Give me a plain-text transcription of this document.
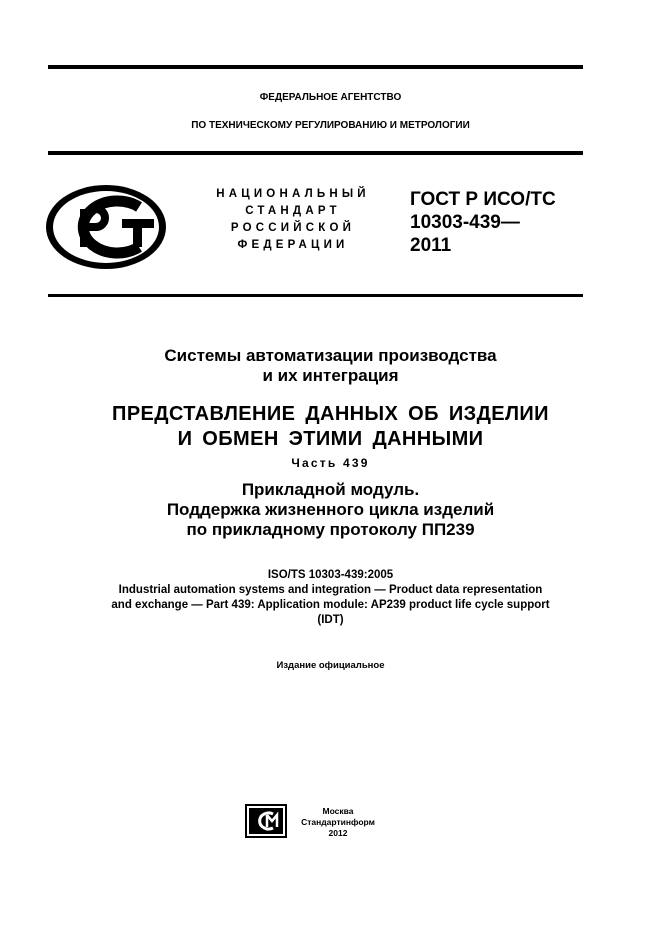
ФЕДЕРАЛЬНОЕ АГЕНТСТВО
ПО ТЕХНИЧЕСКОМУ РЕГУЛИРОВАНИЮ И МЕТРОЛОГИИ
НАЦИОНАЛЬНЫЙ
СТАНДАРТ
РОССИЙСКОЙ
ФЕДЕРАЦИИ
ГОСТ Р ИСО/ТС
10303-439—
2011
Системы автоматизации производства
и их интеграция
ПРЕДСТАВЛЕНИЕ ДАННЫХ ОБ ИЗДЕЛИИ
И ОБМЕН ЭТИМИ ДАННЫМИ
Часть 439
Прикладной модуль.
Поддержка жизненного цикла изделий
по прикладному протоколу ПП239
ISO/TS 10303-439:2005
Industrial automation systems and integration — Product data representation
and exchange — Part 439: Application module: AP239 product life cycle support
(IDT)
Издание официальное
Москва
Стандартинформ
2012
